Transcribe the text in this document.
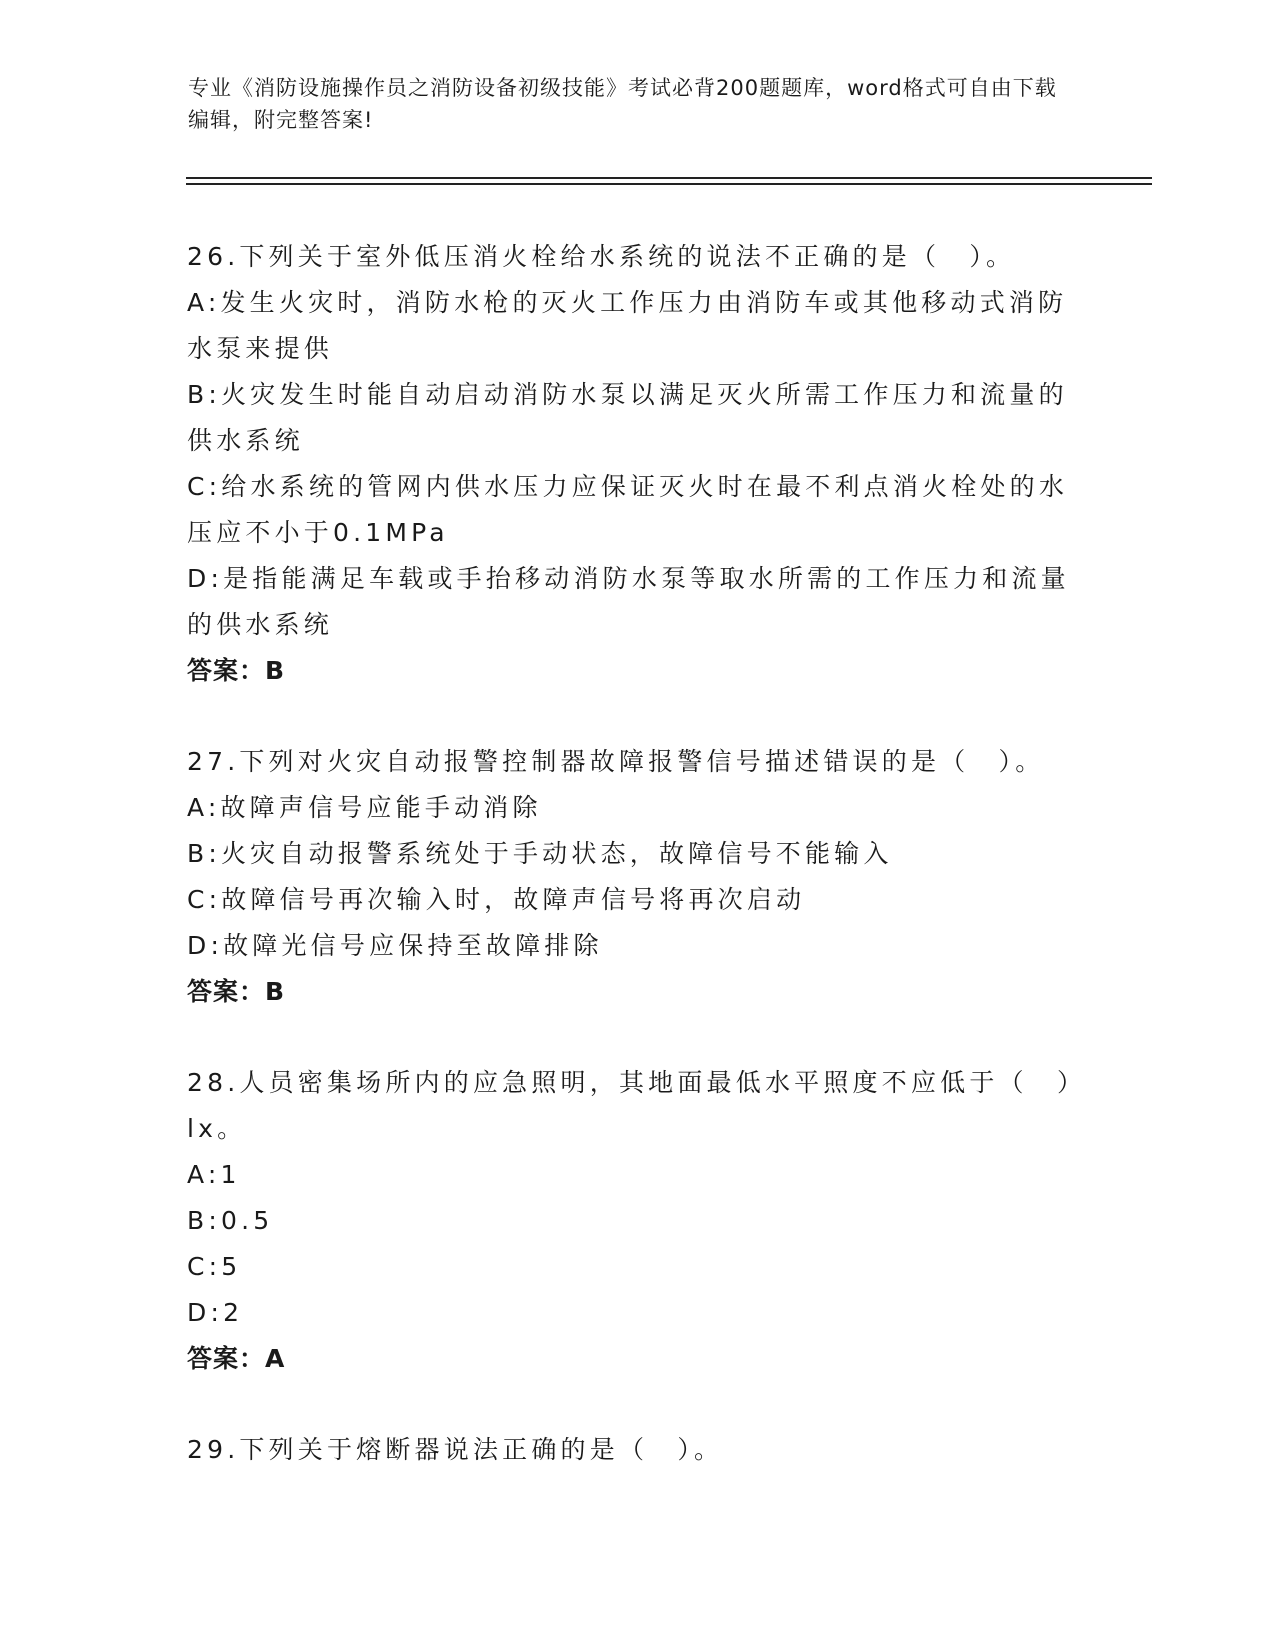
专业《消防设施操作员之消防设备初级技能》考试必背200题题库，word格式可自由下载编辑，附完整答案!
26.下列关于室外低压消火栓给水系统的说法不正确的是（　）。
A:发生火灾时，消防水枪的灭火工作压力由消防车或其他移动式消防水泵来提供
B:火灾发生时能自动启动消防水泵以满足灭火所需工作压力和流量的供水系统
C:给水系统的管网内供水压力应保证灭火时在最不利点消火栓处的水压应不小于0.1MPa
D:是指能满足车载或手抬移动消防水泵等取水所需的工作压力和流量的供水系统
答案：B
27.下列对火灾自动报警控制器故障报警信号描述错误的是（　）。
A:故障声信号应能手动消除
B:火灾自动报警系统处于手动状态，故障信号不能输入
C:故障信号再次输入时，故障声信号将再次启动
D:故障光信号应保持至故障排除
答案：B
28.人员密集场所内的应急照明，其地面最低水平照度不应低于（　）lx。
A:1
B:0.5
C:5
D:2
答案：A
29.下列关于熔断器说法正确的是（　）。
